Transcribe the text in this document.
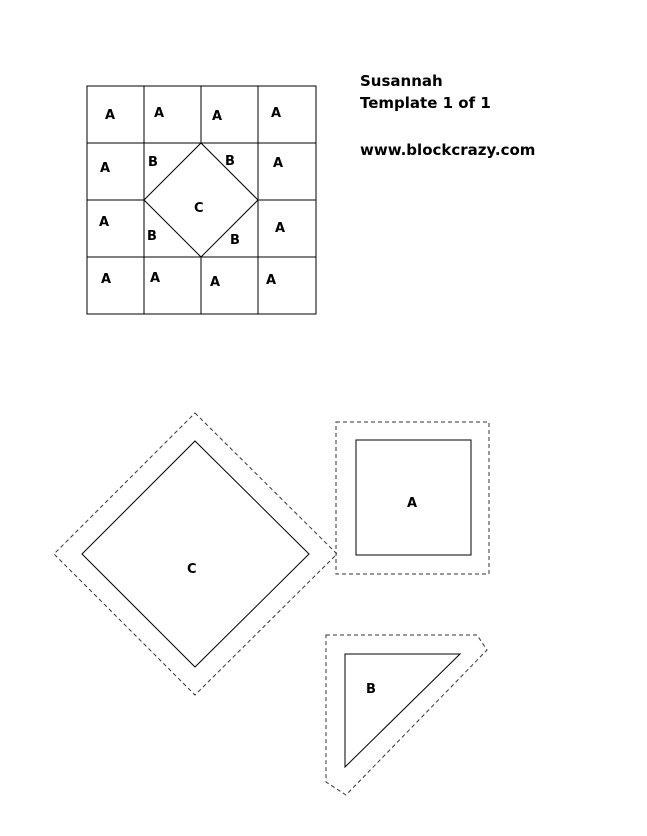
Susannah
Template 1 of 1
www.blockcrazy.com
A	A	A	A
A	B	B	A
A
C
A
B	B
A	A	A	A
C
A
B
